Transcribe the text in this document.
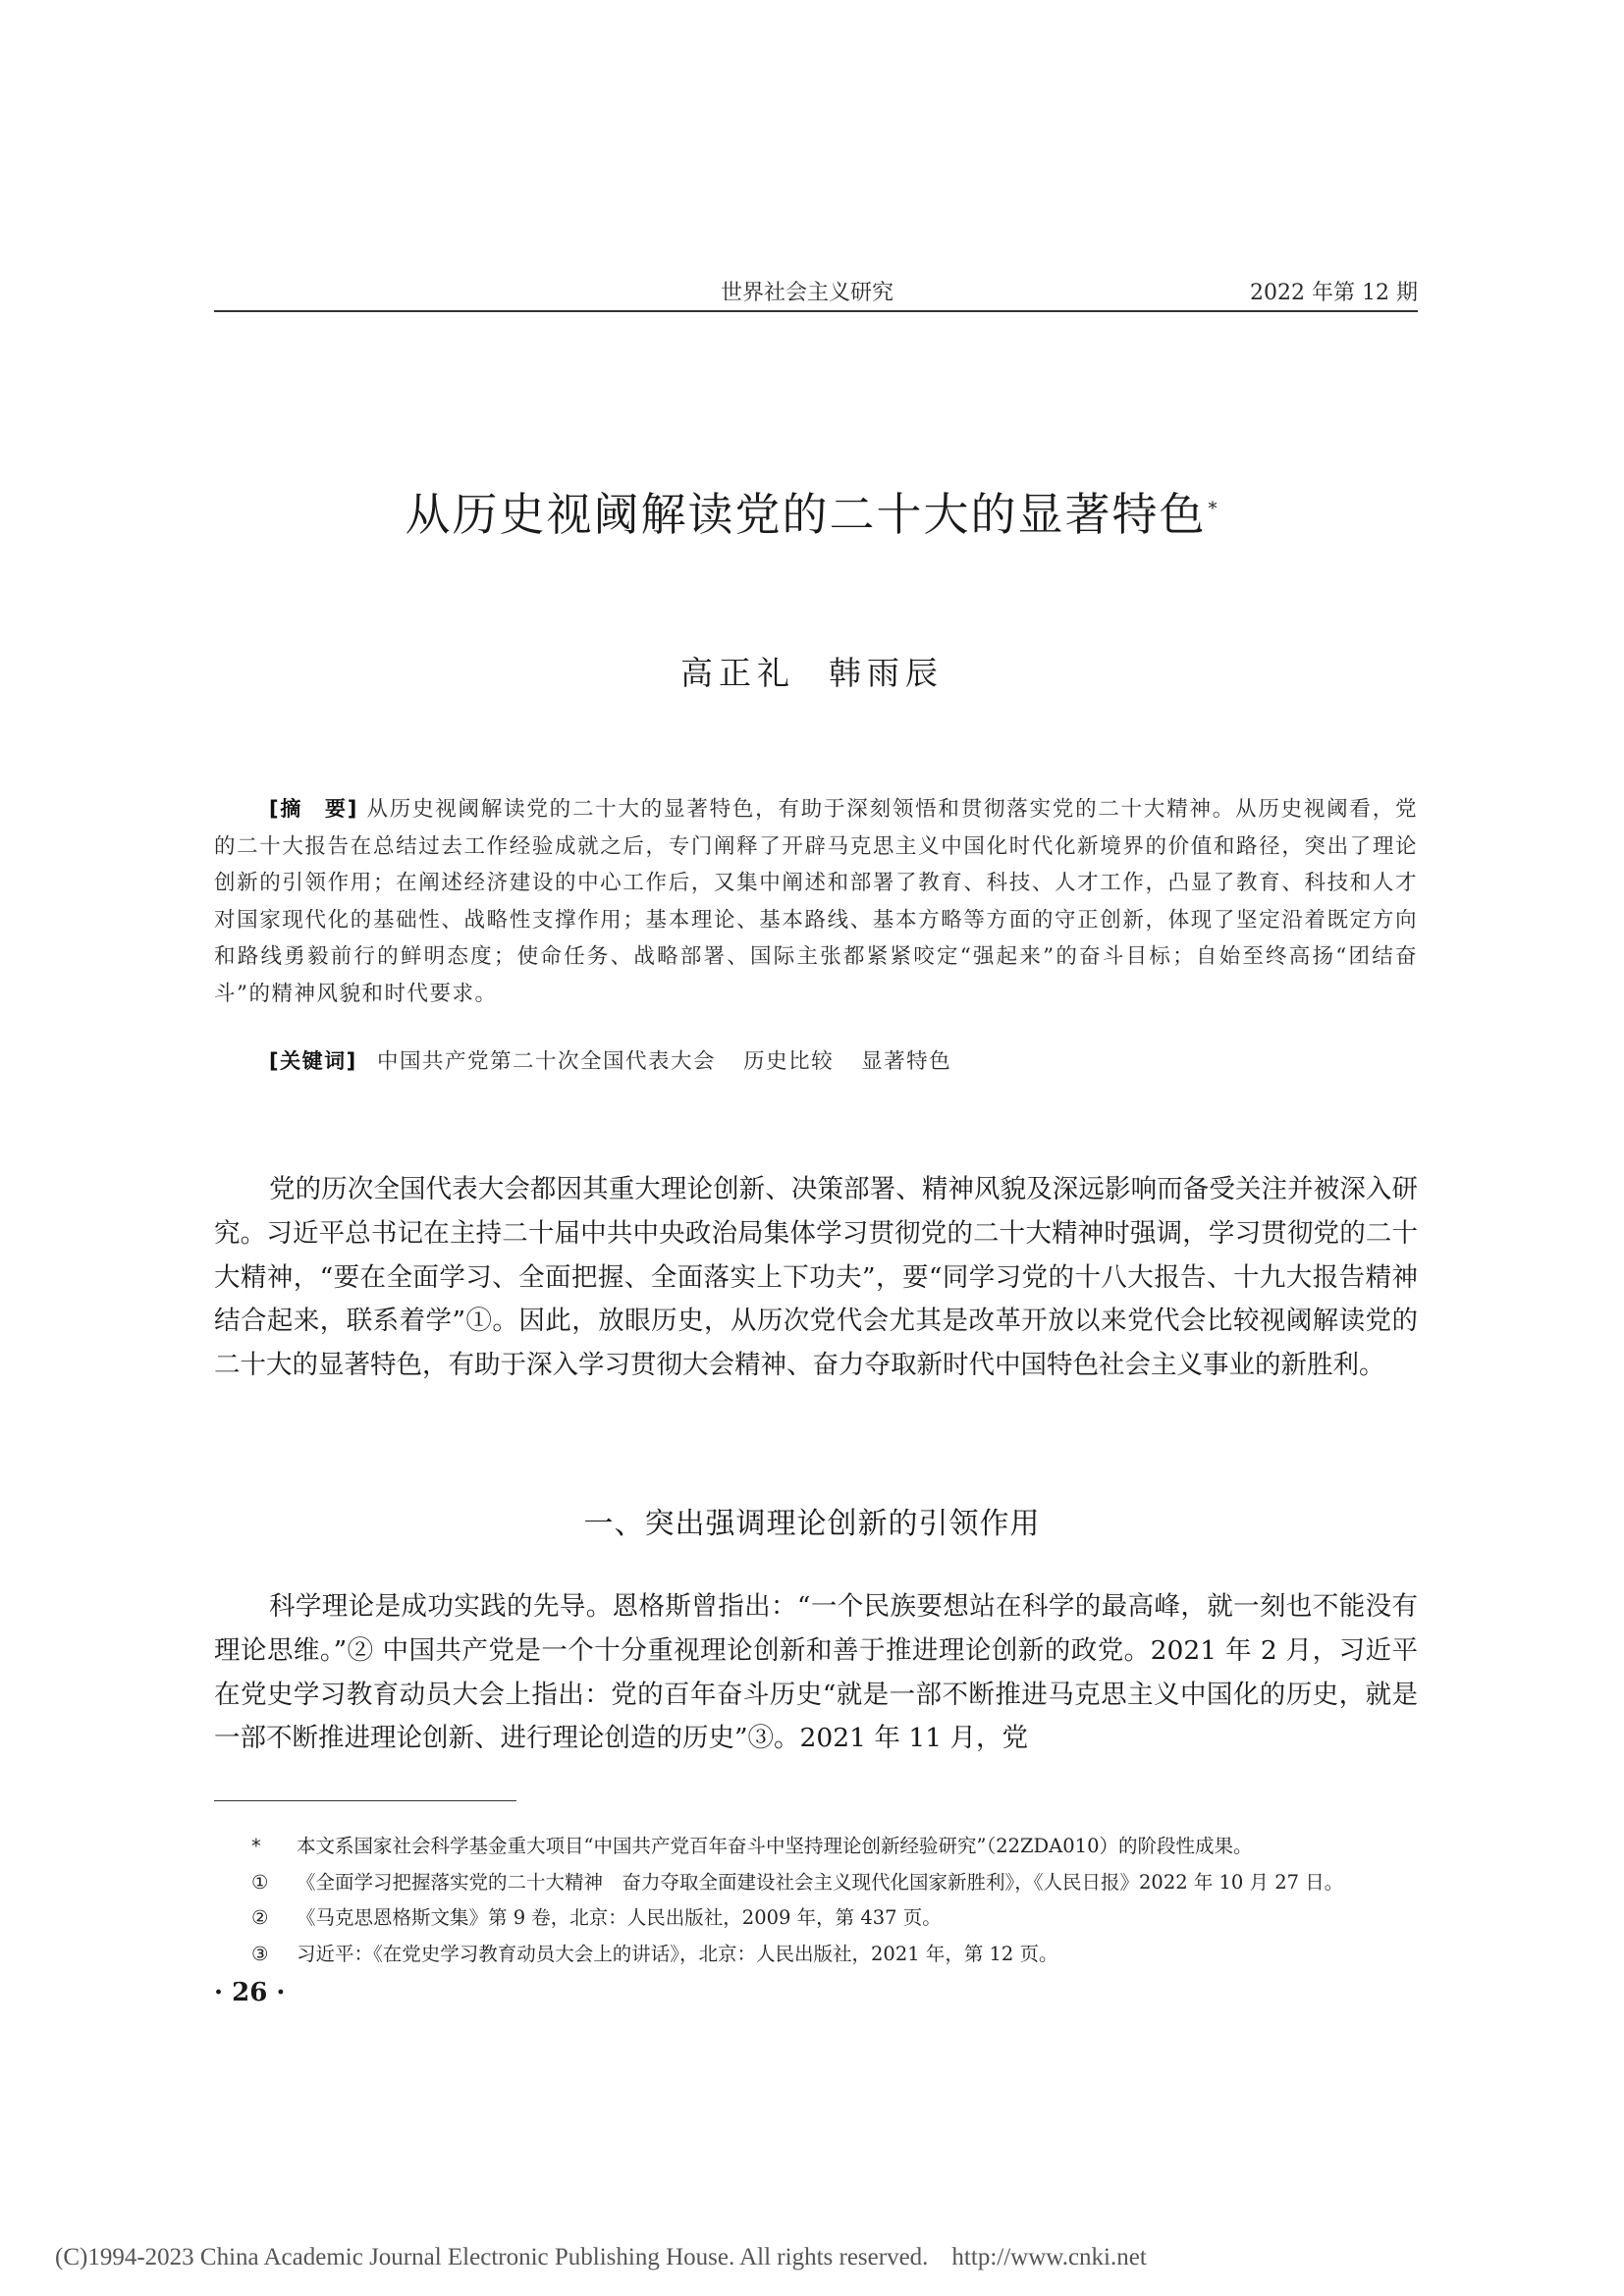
世界社会主义研究	2022 年第 12 期
从历史视阈解读党的二十大的显著特色 *
高正礼 韩雨辰
[摘　要] 从历史视阈解读党的二十大的显著特色，有助于深刻领悟和贯彻落实党的二十大精神。从历史视阈看，党的二十大报告在总结过去工作经验成就之后，专门阐释了开辟马克思主义中国化时代化新境界的价值和路径，突出了理论创新的引领作用；在阐述经济建设的中心工作后，又集中阐述和部署了教育、科技、人才工作，凸显了教育、科技和人才对国家现代化的基础性、战略性支撑作用；基本理论、基本路线、基本方略等方面的守正创新，体现了坚定沿着既定方向和路线勇毅前行的鲜明态度；使命任务、战略部署、国际主张都紧紧咬定“强起来”的奋斗目标；自始至终高扬“团结奋斗”的精神风貌和时代要求。
[关键词] 中国共产党第二十次全国代表大会 历史比较 显著特色
党的历次全国代表大会都因其重大理论创新、决策部署、精神风貌及深远影响而备受关注并被深入研究。习近平总书记在主持二十届中共中央政治局集体学习贯彻党的二十大精神时强调，学习贯彻党的二十大精神，“要在全面学习、全面把握、全面落实上下功夫”，要“同学习党的十八大报告、十九大报告精神结合起来，联系着学”①。因此，放眼历史，从历次党代会尤其是改革开放以来党代会比较视阈解读党的二十大的显著特色，有助于深入学习贯彻大会精神、奋力夺取新时代中国特色社会主义事业的新胜利。
一、突出强调理论创新的引领作用
科学理论是成功实践的先导。恩格斯曾指出：“一个民族要想站在科学的最高峰，就一刻也不能没有理论思维。”② 中国共产党是一个十分重视理论创新和善于推进理论创新的政党。2021 年 2 月，习近平在党史学习教育动员大会上指出：党的百年奋斗历史“就是一部不断推进马克思主义中国化的历史，就是一部不断推进理论创新、进行理论创造的历史”③。2021 年 11 月，党
*	本文系国家社会科学基金重大项目“中国共产党百年奋斗中坚持理论创新经验研究”（22ZDA010）的阶段性成果。
①	《全面学习把握落实党的二十大精神　奋力夺取全面建设社会主义现代化国家新胜利》，《人民日报》2022 年 10 月 27 日。
②	《马克思恩格斯文集》第 9 卷，北京：人民出版社，2009 年，第 437 页。
③	习近平：《在党史学习教育动员大会上的讲话》，北京：人民出版社，2021 年，第 12 页。
· 26 ·
(C)1994-2023 China Academic Journal Electronic Publishing House. All rights reserved. http://www.cnki.net
